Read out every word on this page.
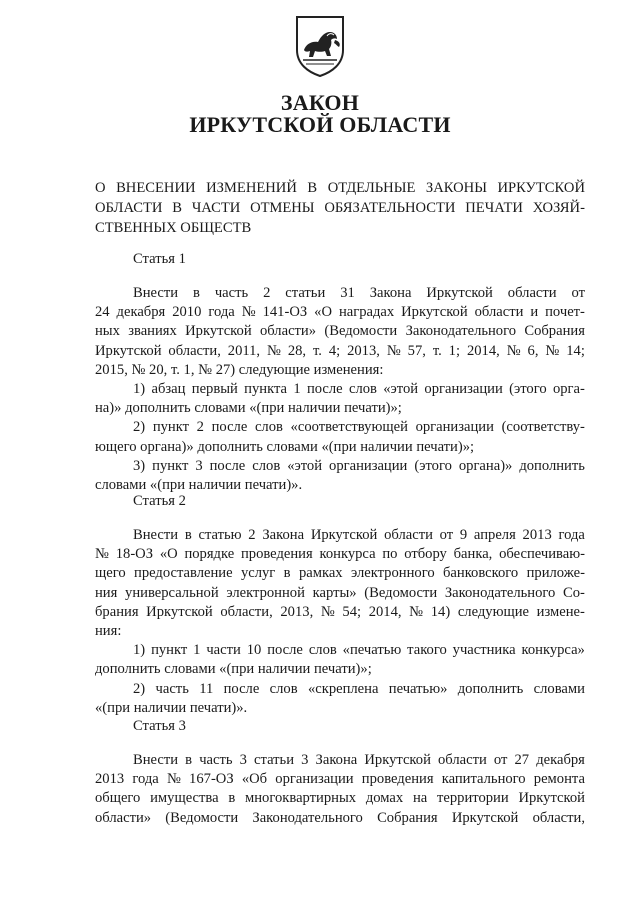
ЗАКОН
ИРКУТСКОЙ ОБЛАСТИ
О ВНЕСЕНИИ ИЗМЕНЕНИЙ В ОТДЕЛЬНЫЕ ЗАКОНЫ ИРКУТСКОЙ
ОБЛАСТИ В ЧАСТИ ОТМЕНЫ ОБЯЗАТЕЛЬНОСТИ ПЕЧАТИ ХОЗЯЙ-
СТВЕННЫХ ОБЩЕСТВ
Статья 1
Внести в часть 2 статьи 31 Закона Иркутской области от
24 декабря 2010 года № 141-ОЗ «О наградах Иркутской области и почет-
ных званиях Иркутской области» (Ведомости Законодательного Собрания
Иркутской области, 2011, № 28, т. 4; 2013, № 57, т. 1; 2014, № 6, № 14;
2015, № 20, т. 1, № 27) следующие изменения:
1) абзац первый пункта 1 после слов «этой организации (этого орга-
на)» дополнить словами «(при наличии печати)»;
2) пункт 2 после слов «соответствующей организации (соответству-
ющего органа)» дополнить словами «(при наличии печати)»;
3) пункт 3 после слов «этой организации (этого органа)» дополнить
словами «(при наличии печати)».
Статья 2
Внести в статью 2 Закона Иркутской области от 9 апреля 2013 года
№ 18-ОЗ «О порядке проведения конкурса по отбору банка, обеспечиваю-
щего предоставление услуг в рамках электронного банковского приложе-
ния универсальной электронной карты» (Ведомости Законодательного Со-
брания Иркутской области, 2013, № 54; 2014, № 14) следующие измене-
ния:
1) пункт 1 части 10 после слов «печатью такого участника конкурса»
дополнить словами «(при наличии печати)»;
2) часть 11 после слов «скреплена печатью» дополнить словами
«(при наличии печати)».
Статья 3
Внести в часть 3 статьи 3 Закона Иркутской области от 27 декабря
2013 года № 167-ОЗ «Об организации проведения капитального ремонта
общего имущества в многоквартирных домах на территории Иркутской
области» (Ведомости Законодательного Собрания Иркутской области,
